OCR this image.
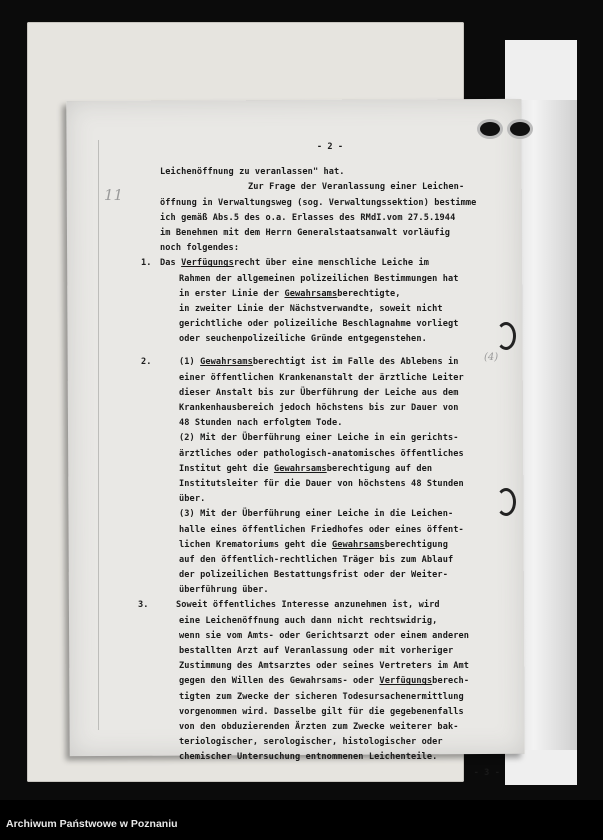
11
(4)
- 2 -
Leichenöffnung zu veranlassen" hat.
Zur Frage der Veranlassung einer Leichen-
öffnung in Verwaltungsweg (sog. Verwaltungssektion) bestimme
ich gemäß Abs.5 des o.a. Erlasses des RMdI.vom 27.5.1944
im Benehmen mit dem Herrn Generalstaatsanwalt vorläufig
noch folgendes:
1. Das Verfügungsrecht über eine menschliche Leiche im
Rahmen der allgemeinen polizeilichen Bestimmungen hat
in erster Linie der Gewahrsamsberechtigte,
in zweiter Linie der Nächstverwandte, soweit nicht
gerichtliche oder polizeiliche Beschlagnahme vorliegt
oder seuchenpolizeiliche Gründe entgegenstehen.
2.	(1) Gewahrsamsberechtigt ist im Falle des Ablebens in
einer öffentlichen Krankenanstalt der ärztliche Leiter
dieser Anstalt bis zur Überführung der Leiche aus dem
Krankenhausbereich jedoch höchstens bis zur Dauer von
48 Stunden nach erfolgtem Tode.
(2) Mit der Überführung einer Leiche in ein gerichts-
ärztliches oder pathologisch-anatomisches öffentliches
Institut geht die Gewahrsamsberechtigung auf den
Institutsleiter für die Dauer von höchstens 48 Stunden
über.
(3) Mit der Überführung einer Leiche in die Leichen-
halle eines öffentlichen Friedhofes oder eines öffent-
lichen Krematoriums geht die Gewahrsamsberechtigung
auf den öffentlich-rechtlichen Träger bis zum Ablauf
der polizeilichen Bestattungsfrist oder der Weiter-
überführung über.
3.	Soweit öffentliches Interesse anzunehmen ist, wird
eine Leichenöffnung auch dann nicht rechtswidrig,
wenn sie vom Amts- oder Gerichtsarzt oder einem anderen
bestallten Arzt auf Veranlassung oder mit vorheriger
Zustimmung des Amtsarztes oder seines Vertreters im Amt
gegen den Willen des Gewahrsams- oder Verfügungsberech-
tigten zum Zwecke der sicheren Todesursachenermittlung
vorgenommen wird. Dasselbe gilt für die gegebenenfalls
von den obduzierenden Ärzten zum Zwecke weiterer bak-
teriologischer, serologischer, histologischer oder
chemischer Untersuchung entnommenen Leichenteile.
- 3 -
Archiwum Państwowe w Poznaniu
